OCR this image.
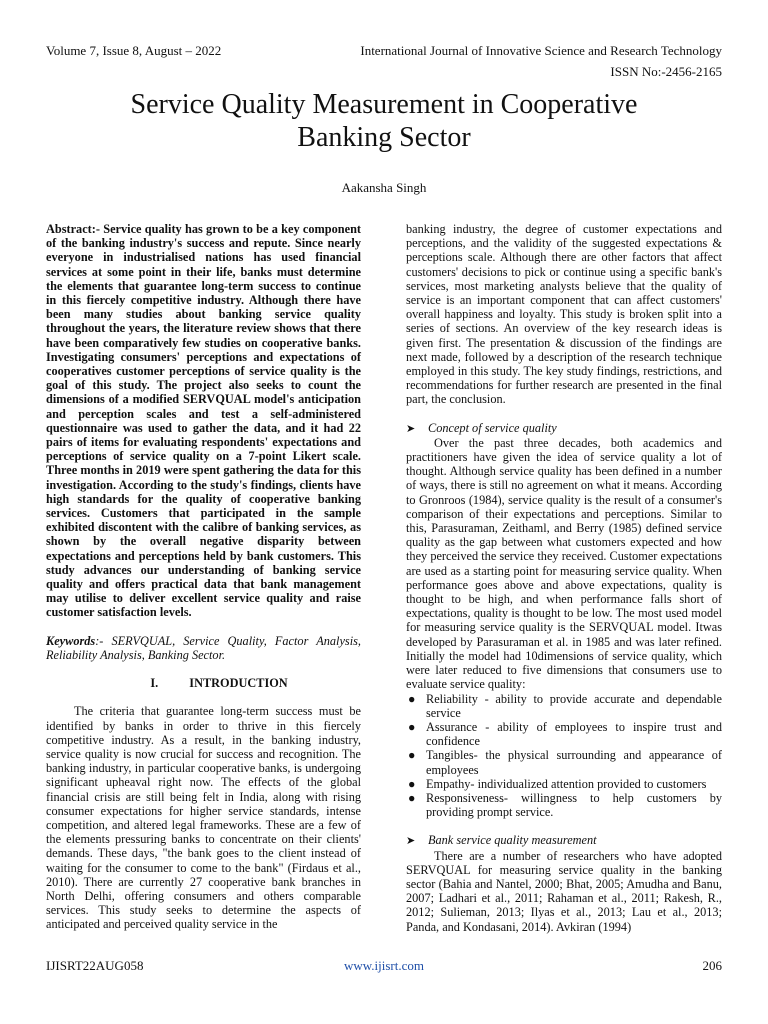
Volume 7, Issue 8, August – 2022	International Journal of Innovative Science and Research Technology
ISSN No:-2456-2165
Service Quality Measurement in Cooperative
Banking Sector
Aakansha Singh

Abstract:- Service quality has grown to be a key component of the banking industry's success and repute. Since nearly everyone in industrialised nations has used financial services at some point in their life, banks must determine the elements that guarantee long-term success to continue in this fiercely competitive industry. Although there have been many studies about banking service quality throughout the years, the literature review shows that there have been comparatively few studies on cooperative banks. Investigating consumers' perceptions and expectations of cooperatives customer perceptions of service quality is the goal of this study. The project also seeks to count the dimensions of a modified SERVQUAL model's anticipation and perception scales and test a self-administered questionnaire was used to gather the data, and it had 22 pairs of items for evaluating respondents' expectations and perceptions of service quality on a 7-point Likert scale. Three months in 2019 were spent gathering the data for this investigation. According to the study's findings, clients have high standards for the quality of cooperative banking services. Customers that participated in the sample exhibited discontent with the calibre of banking services, as shown by the overall negative disparity between expectations and perceptions held by bank customers. This study advances our understanding of banking service quality and offers practical data that bank management may utilise to deliver excellent service quality and raise customer satisfaction levels.

Keywords:- SERVQUAL, Service Quality, Factor Analysis, Reliability Analysis, Banking Sector.

I.	INTRODUCTION

The criteria that guarantee long-term success must be identified by banks in order to thrive in this fiercely competitive industry. As a result, in the banking industry, service quality is now crucial for success and recognition. The banking industry, in particular cooperative banks, is undergoing significant upheaval right now. The effects of the global financial crisis are still being felt in India, along with rising consumer expectations for higher service standards, intense competition, and altered legal frameworks. These are a few of the elements pressuring banks to concentrate on their clients' demands. These days, "the bank goes to the client instead of waiting for the consumer to come to the bank" (Firdaus et al., 2010). There are currently 27 cooperative bank branches in North Delhi, offering consumers and others comparable services. This study seeks to determine the aspects of anticipated and perceived quality service in the

banking industry, the degree of customer expectations and perceptions, and the validity of the suggested expectations & perceptions scale. Although there are other factors that affect customers' decisions to pick or continue using a specific bank's services, most marketing analysts believe that the quality of service is an important component that can affect customers' overall happiness and loyalty. This study is broken split into a series of sections. An overview of the key research ideas is given first. The presentation & discussion of the findings are next made, followed by a description of the research technique employed in this study. The key study findings, restrictions, and recommendations for further research are presented in the final part, the conclusion.

➤ Concept of service quality

Over the past three decades, both academics and practitioners have given the idea of service quality a lot of thought. Although service quality has been defined in a number of ways, there is still no agreement on what it means. According to Gronroos (1984), service quality is the result of a consumer's comparison of their expectations and perceptions. Similar to this, Parasuraman, Zeithaml, and Berry (1985) defined service quality as the gap between what customers expected and how they perceived the service they received. Customer expectations are used as a starting point for measuring service quality. When performance goes above and above expectations, quality is thought to be high, and when performance falls short of expectations, quality is thought to be low. The most used model for measuring service quality is the SERVQUAL model. Itwas developed by Parasuraman et al. in 1985 and was later refined. Initially the model had 10dimensions of service quality, which were later reduced to five dimensions that consumers use to evaluate service quality:

● Reliability - ability to provide accurate and dependable service
● Assurance - ability of employees to inspire trust and confidence
● Tangibles- the physical surrounding and appearance of employees
● Empathy- individualized attention provided to customers
● Responsiveness- willingness to help customers by providing prompt service.
➤ Bank service quality measurement

There are a number of researchers who have adopted SERVQUAL for measuring service quality in the banking sector (Bahia and Nantel, 2000; Bhat, 2005; Amudha and Banu, 2007; Ladhari et al., 2011; Rahaman et al., 2011; Rakesh, R., 2012; Sulieman, 2013; Ilyas et al., 2013; Lau et al., 2013; Panda, and Kondasani, 2014). Avkiran (1994)

IJISRT22AUG058	www.ijisrt.com	206
